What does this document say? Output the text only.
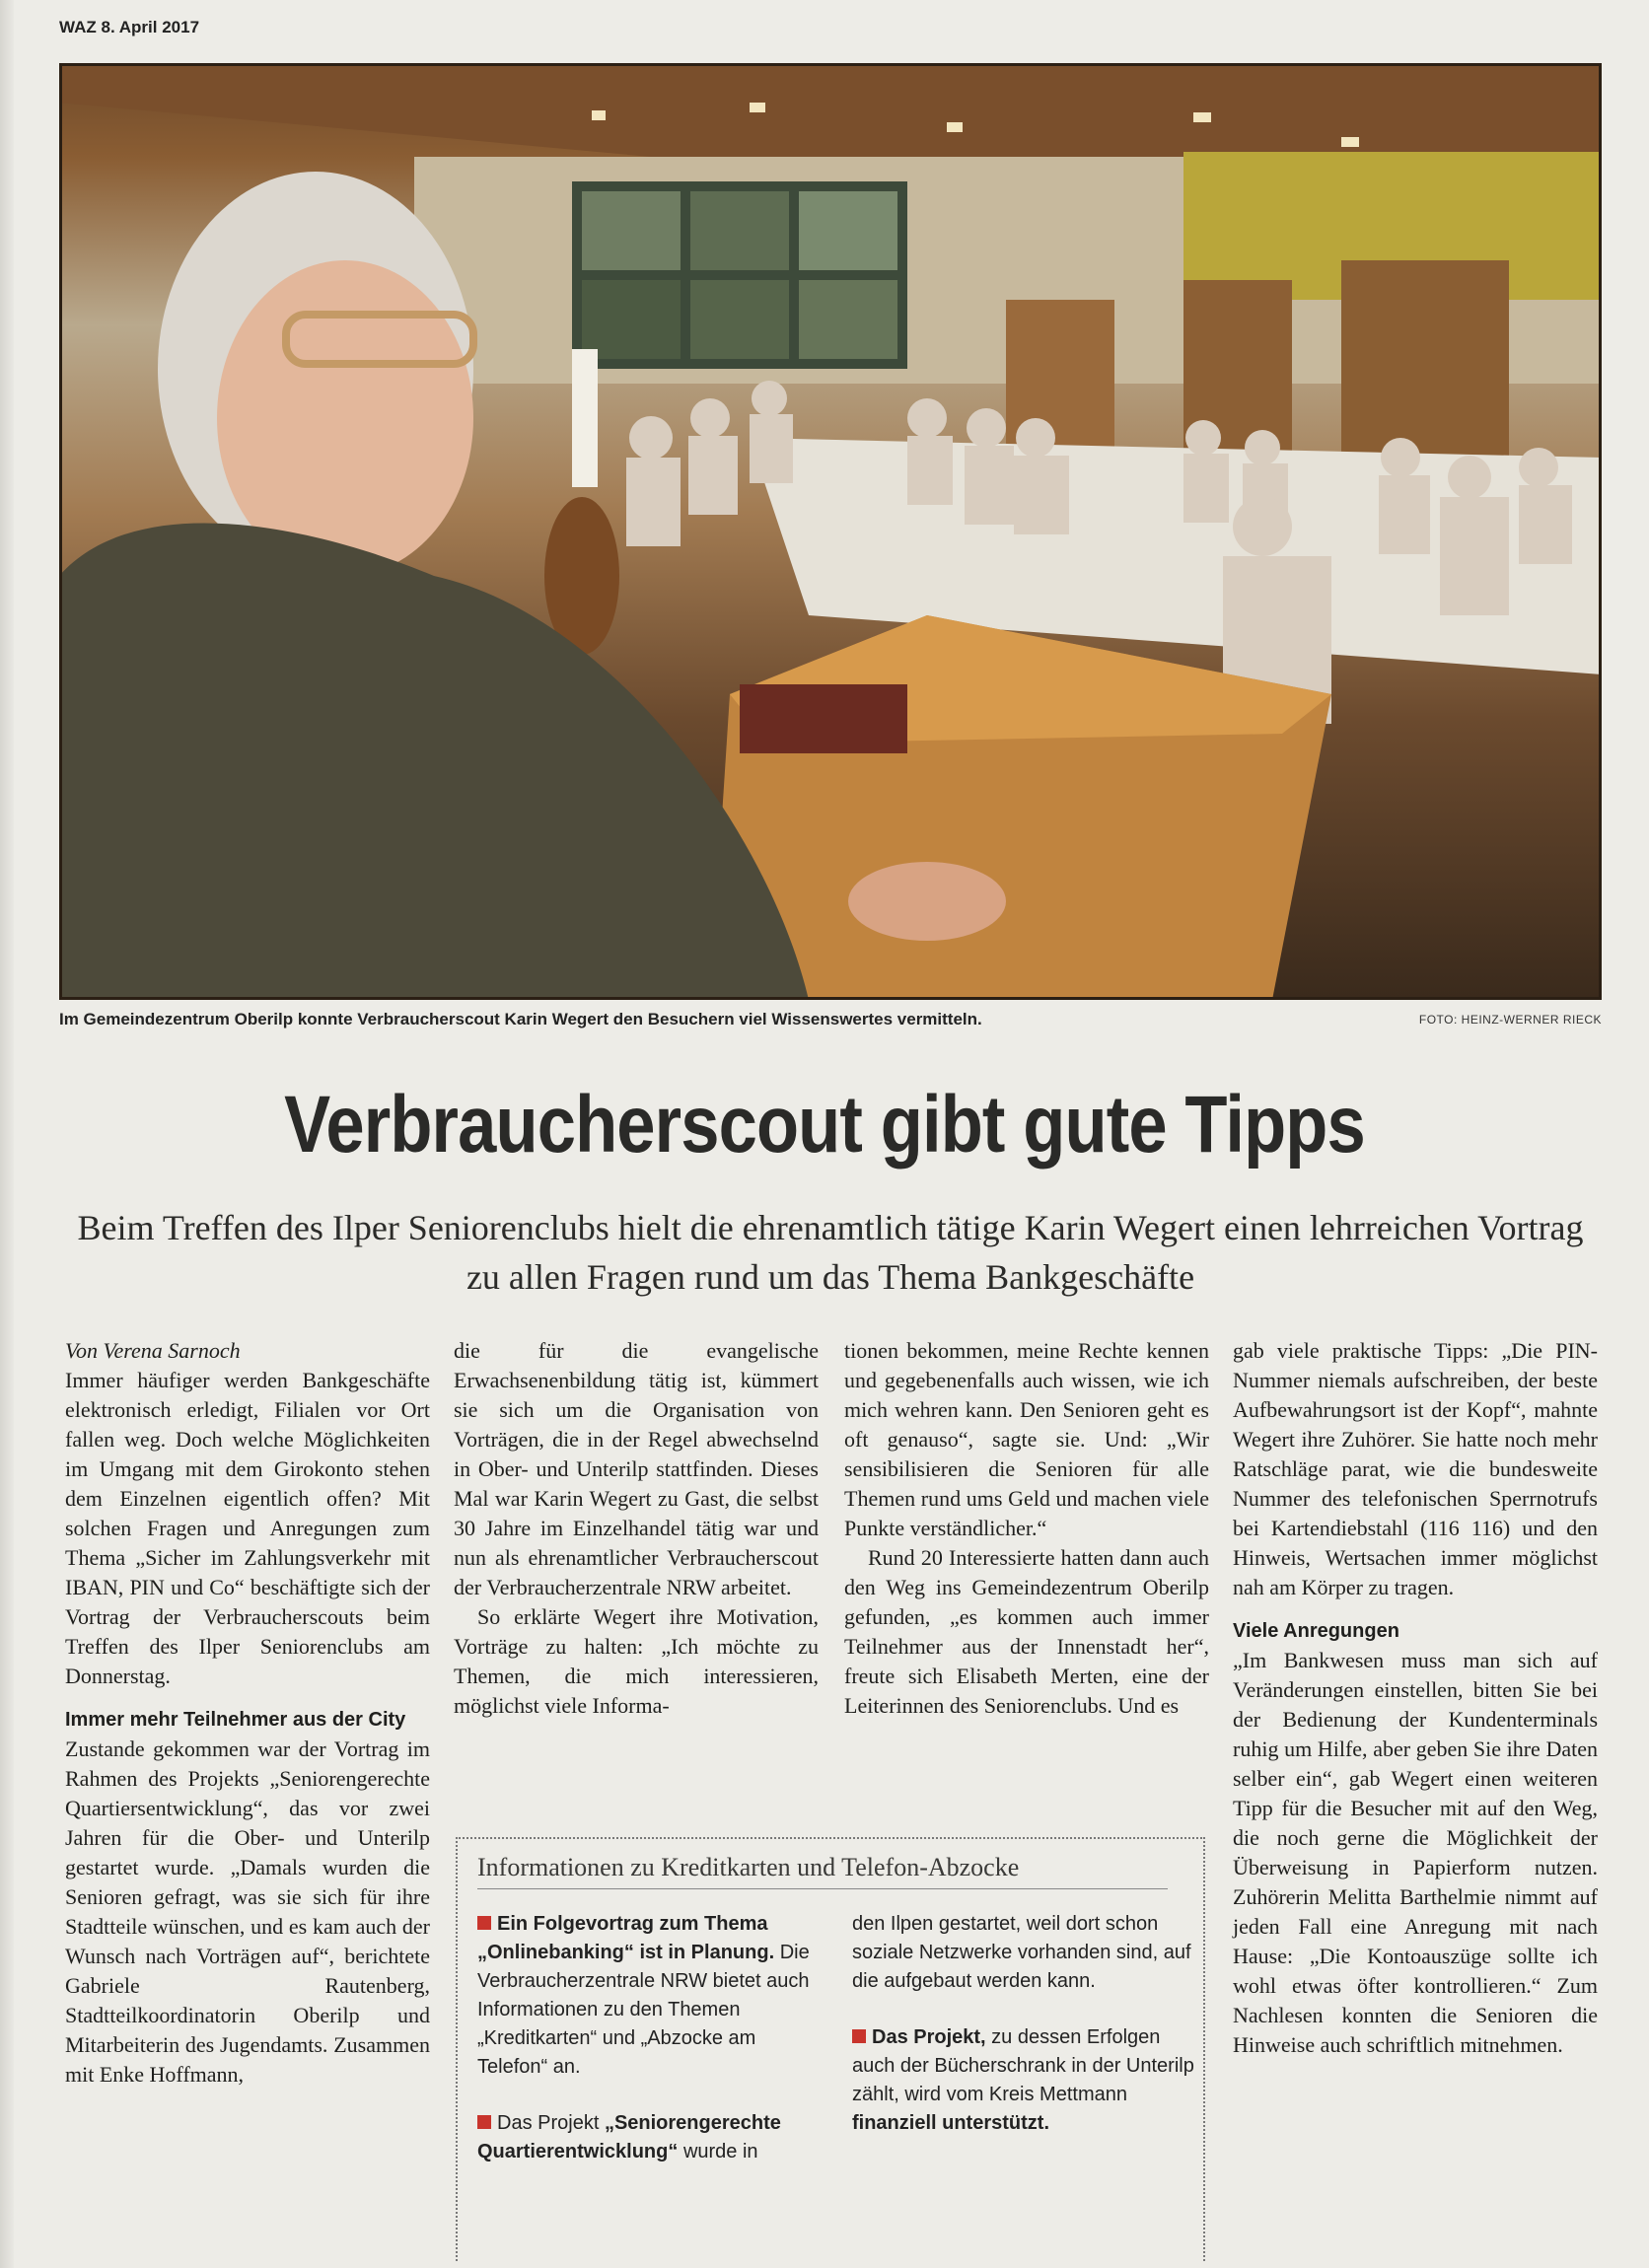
WAZ 8. April 2017
Im Gemeindezentrum Oberilp konnte Verbraucherscout Karin Wegert den Besuchern viel Wissenswertes vermitteln.	FOTO: HEINZ-WERNER RIECK
Verbraucherscout gibt gute Tipps
Beim Treffen des Ilper Seniorenclubs hielt die ehrenamtlich tätige Karin Wegert einen lehrreichen Vortrag zu allen Fragen rund um das Thema Bankgeschäfte

Von Verena Sarnoch

Immer häufiger werden Bankgeschäfte elektronisch erledigt, Filialen vor Ort fallen weg. Doch welche Möglichkeiten im Umgang mit dem Girokonto stehen dem Einzelnen eigentlich offen? Mit solchen Fragen und Anregungen zum Thema „Sicher im Zahlungsverkehr mit IBAN, PIN und Co“ beschäftigte sich der Vortrag der Verbraucherscouts beim Treffen des Ilper Seniorenclubs am Donnerstag.

Immer mehr Teilnehmer aus der City

Zustande gekommen war der Vortrag im Rahmen des Projekts „Seniorengerechte Quartiersentwicklung“, das vor zwei Jahren für die Ober- und Unterilp gestartet wurde. „Damals wurden die Senioren gefragt, was sie sich für ihre Stadtteile wünschen, und es kam auch der Wunsch nach Vorträgen auf“, berichtete Gabriele Rautenberg, Stadtteilkoordinatorin Oberilp und Mitarbeiterin des Jugendamts. Zusammen mit Enke Hoffmann,

die für die evangelische Erwachsenenbildung tätig ist, kümmert sie sich um die Organisation von Vorträgen, die in der Regel abwechselnd in Ober- und Unterilp stattfinden. Dieses Mal war Karin Wegert zu Gast, die selbst 30 Jahre im Einzelhandel tätig war und nun als ehrenamtlicher Verbraucherscout der Verbraucherzentrale NRW arbeitet.

So erklärte Wegert ihre Motivation, Vorträge zu halten: „Ich möchte zu Themen, die mich interessieren, möglichst viele Informa-

tionen bekommen, meine Rechte kennen und gegebenenfalls auch wissen, wie ich mich wehren kann. Den Senioren geht es oft genauso“, sagte sie. Und: „Wir sensibilisieren die Senioren für alle Themen rund ums Geld und machen viele Punkte verständlicher.“

Rund 20 Interessierte hatten dann auch den Weg ins Gemeindezentrum Oberilp gefunden, „es kommen auch immer Teilnehmer aus der Innenstadt her“, freute sich Elisabeth Merten, eine der Leiterinnen des Seniorenclubs. Und es

gab viele praktische Tipps: „Die PIN-Nummer niemals aufschreiben, der beste Aufbewahrungsort ist der Kopf“, mahnte Wegert ihre Zuhörer. Sie hatte noch mehr Ratschläge parat, wie die bundesweite Nummer des telefonischen Sperrnotrufs bei Kartendiebstahl (116 116) und den Hinweis, Wertsachen immer möglichst nah am Körper zu tragen.

Viele Anregungen

„Im Bankwesen muss man sich auf Veränderungen einstellen, bitten Sie bei der Bedienung der Kundenterminals ruhig um Hilfe, aber geben Sie ihre Daten selber ein“, gab Wegert einen weiteren Tipp für die Besucher mit auf den Weg, die noch gerne die Möglichkeit der Überweisung in Papierform nutzen. Zuhörerin Melitta Barthelmie nimmt auf jeden Fall eine Anregung mit nach Hause: „Die Kontoauszüge sollte ich wohl etwas öfter kontrollieren.“ Zum Nachlesen konnten die Senioren die Hinweise auch schriftlich mitnehmen.

Informationen zu Kreditkarten und Telefon-Abzocke

Ein Folgevortrag zum Thema „Onlinebanking“ ist in Planung. Die Verbraucherzentrale NRW bietet auch Informationen zu den Themen „Kreditkarten“ und „Abzocke am Telefon“ an.

Das Projekt „Seniorengerechte Quartierentwicklung“ wurde in

den Ilpen gestartet, weil dort schon soziale Netzwerke vorhanden sind, auf die aufgebaut werden kann.

Das Projekt, zu dessen Erfolgen auch der Bücherschrank in der Unterilp zählt, wird vom Kreis Mettmann finanziell unterstützt.
